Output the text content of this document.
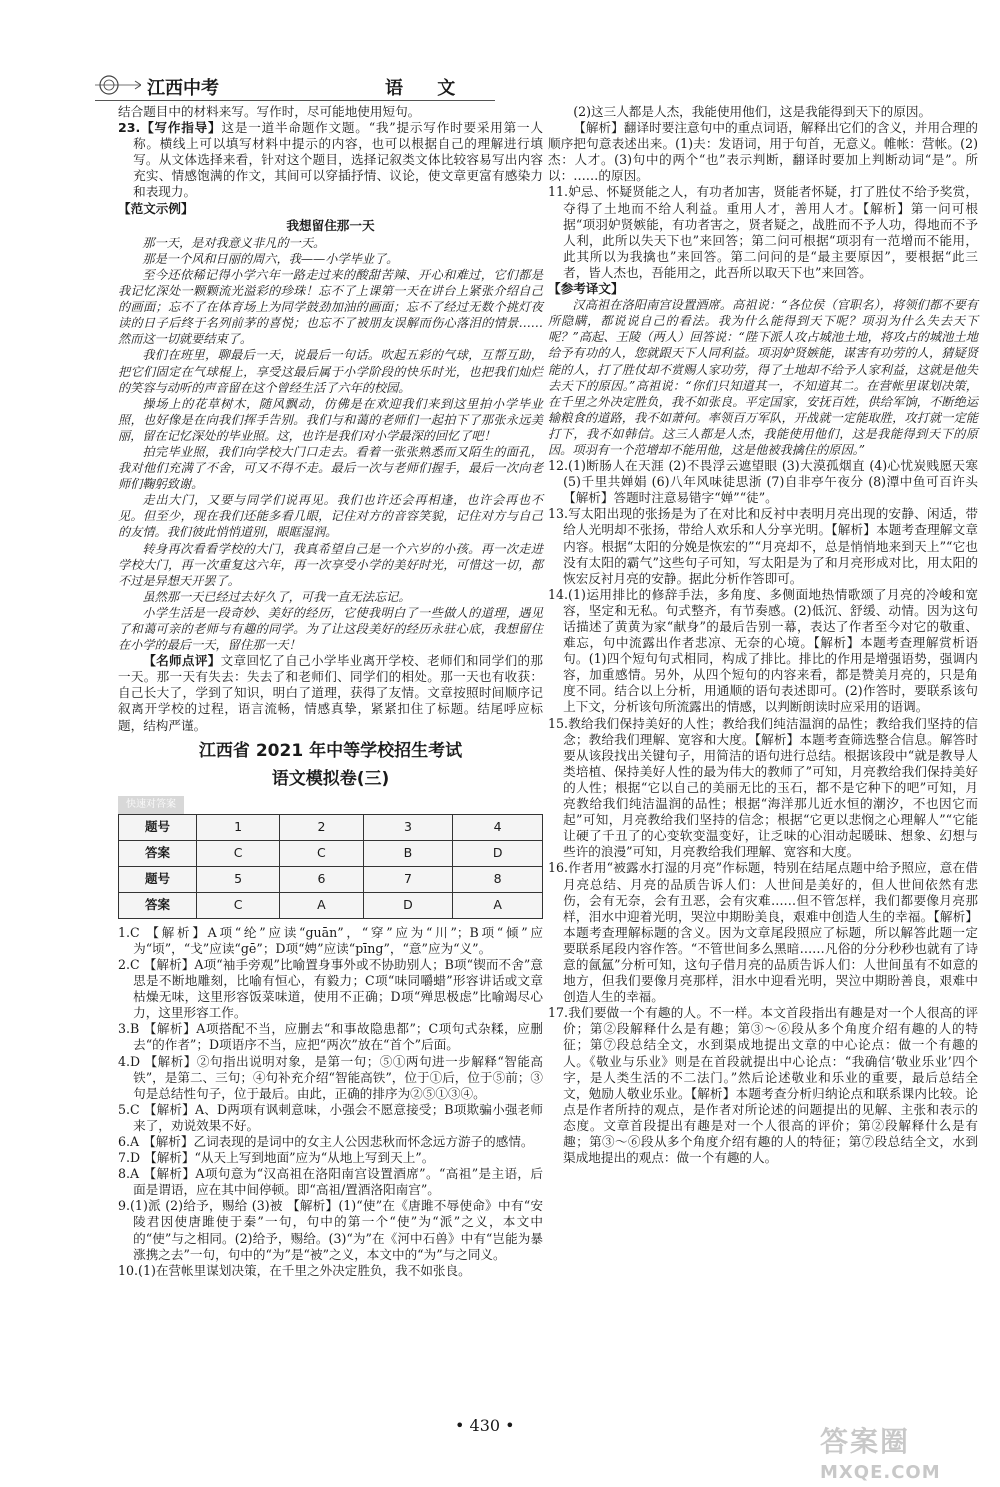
江西中考	语 文

结合题目中的材料来写。写作时，尽可能地使用短句。

23.【写作指导】这是一道半命题作文题。“我”提示写作时要采用第一人称。横线上可以填写材料中提示的内容，也可以根据自己的理解进行填写。从文体选择来看，针对这个题目，选择记叙类文体比较容易写出内容充实、情感饱满的作文，其间可以穿插抒情、议论，使文章更富有感染力和表现力。

【范文示例】

我想留住那一天

那一天，是对我意义非凡的一天。

那是一个风和日丽的周六，我——小学毕业了。

至今还依稀记得小学六年一路走过来的酸甜苦辣、开心和难过，它们都是我记忆深处一颗颗流光溢彩的珍珠！忘不了上课第一天在讲台上紧张介绍自己的画面；忘不了在体育场上为同学鼓劲加油的画面；忘不了经过无数个挑灯夜读的日子后终于名列前茅的喜悦；也忘不了被朋友误解而伤心落泪的情景……然而这一切就要结束了。

我们在班里，聊最后一天，说最后一句话。吹起五彩的气球，互帮互助，把它们固定在气球棍上，享受这最后属于小学阶段的快乐时光，也把我们灿烂的笑容与动听的声音留在这个曾经生活了六年的校园。

操场上的花草树木，随风飘动，仿佛是在欢迎我们来到这里拍小学毕业照，也好像是在向我们挥手告别。我们与和蔼的老师们一起拍下了那张永远美丽，留在记忆深处的毕业照。这，也许是我们对小学最深的回忆了吧！

拍完毕业照，我们向学校大门口走去。看着一张张熟悉而又陌生的面孔，我对他们充满了不舍，可又不得不走。最后一次与老师们握手，最后一次向老师们鞠躬致谢。

走出大门，又要与同学们说再见。我们也许还会再相逢，也许会再也不见。但至少，现在我们还能多看几眼，记住对方的音容笑貌，记住对方与自己的友情。我们彼此悄悄道别，眼眶湿润。

转身再次看看学校的大门，我真希望自己是一个六岁的小孩。再一次走进学校大门，再一次重复这六年，再一次享受小学的美好时光，可惜这一切，都不过是异想天开罢了。

虽然那一天已经过去好久了，可我一直无法忘记。

小学生活是一段奇妙、美好的经历，它使我明白了一些做人的道理，遇见了和蔼可亲的老师与有趣的同学。为了让这段美好的经历永驻心底，我想留住在小学的最后一天，留住那一天！

【名师点评】文章回忆了自己小学毕业离开学校、老师们和同学们的那一天。那一天有失去：失去了和老师们、同学们的相处。那一天也有收获：自己长大了，学到了知识，明白了道理，获得了友情。文章按照时间顺序记叙离开学校的过程，语言流畅，情感真挚，紧紧扣住了标题。结尾呼应标题，结构严谨。

江西省 2021 年中等学校招生考试
语文模拟卷(三)
快速对答案
题号	1	2	3	4
答案	C	C	B	D
题号	5	6	7	8
答案	C	A	D	A

1.C 【解析】A项“纶”应读“guān”，“穿”应为“川”；B项“倾”应为“顷”，“戈”应读“gē”；D项“娉”应读“pīng”，“意”应为“义”。

2.C 【解析】A项“袖手旁观”比喻置身事外或不协助别人；B项“锲而不舍”意思是不断地雕刻，比喻有恒心，有毅力；C项“味同嚼蜡”形容讲话或文章枯燥无味，这里形容饭菜味道，使用不正确；D项“殚思极虑”比喻竭尽心力，这里形容工作。

3.B 【解析】A项搭配不当，应删去“和事故隐患都”；C项句式杂糅，应删去“的作者”；D项语序不当，应把“两次”放在“首个”后面。

4.D 【解析】②句指出说明对象，是第一句；⑤①两句进一步解释“智能高铁”，是第二、三句；④句补充介绍“智能高铁”，位于①后，位于⑤前；③句是总结性句子，位于最后。由此，正确的排序为②⑤①③④。

5.C 【解析】A、D两项有讽刺意味，小强会不愿意接受；B项欺骗小强老师来了，劝说效果不好。

6.A 【解析】乙词表现的是词中的女主人公因悲秋而怀念远方游子的感情。

7.D 【解析】“从天上写到地面”应为“从地上写到天上”。

8.A 【解析】A项句意为“汉高祖在洛阳南宫设置酒席”。“高祖”是主语，后面是谓语，应在其中间停顿。即“高祖/置酒洛阳南宫”。

9.(1)派 (2)给予，赐给 (3)被 【解析】(1)“使”在《唐雎不辱使命》中有“安陵君因使唐雎使于秦”一句，句中的第一个“使”为“派”之义，本文中的“使”与之相同。(2)给予，赐给。(3)“为”在《河中石兽》中有“岂能为暴涨携之去”一句，句中的“为”是“被”之义，本文中的“为”与之同义。

10.(1)在营帐里谋划决策，在千里之外决定胜负，我不如张良。

(2)这三人都是人杰，我能使用他们，这是我能得到天下的原因。

【解析】翻译时要注意句中的重点词语，解释出它们的含义，并用合理的顺序把句意表述出来。(1)夫：发语词，用于句首，无意义。帷帐：营帐。(2)杰：人才。(3)句中的两个“也”表示判断，翻译时要加上判断动词“是”。所以：……的原因。

11.妒忌、怀疑贤能之人，有功者加害，贤能者怀疑，打了胜仗不给予奖赏，夺得了土地而不给人利益。重用人才，善用人才。【解析】第一问可根据“项羽妒贤嫉能，有功者害之，贤者疑之，战胜而不予人功，得地而不予人利，此所以失天下也”来回答；第二问可根据“项羽有一范增而不能用，此其所以为我擒也”来回答。第二问问的是“最主要原因”，要根据“此三者，皆人杰也，吾能用之，此吾所以取天下也”来回答。

【参考译文】

汉高祖在洛阳南宫设置酒席。高祖说：“各位侯（官职名），将领们都不要有所隐瞒，都说说自己的看法。我为什么能得到天下呢？项羽为什么失去天下呢？”高起、王陵（两人）回答说：“陛下派人攻占城池土地，将攻占的城池土地给予有功的人，您就跟天下人同利益。项羽妒贤嫉能，谋害有功劳的人，猜疑贤能的人，打了胜仗却不赏赐人家功劳，得了土地却不给予人家利益，这就是他失去天下的原因。”高祖说：“你们只知道其一，不知道其二。在营帐里谋划决策，在千里之外决定胜负，我不如张良。平定国家，安抚百姓，供给军饷，不断绝运输粮食的道路，我不如萧何。率领百万军队，开战就一定能取胜，攻打就一定能打下，我不如韩信。这三人都是人杰，我能使用他们，这是我能得到天下的原因。项羽有一个范增却不能用他，这是他被我擒住的原因。”

12.(1)断肠人在天涯 (2)不畏浮云遮望眼 (3)大漠孤烟直 (4)心忧炭贱愿天寒 (5)千里共婵娟 (6)八年风味徒思浙 (7)自非亭午夜分 (8)潭中鱼可百许头 【解析】答题时注意易错字“婵”“徒”。

13.写太阳出现的张扬是为了在对比和反衬中表明月亮出现的安静、闲适，带给人光明却不张扬，带给人欢乐和人分享光明。【解析】本题考查理解文章内容。根据“太阳的分娩是恢宏的”“月亮却不，总是悄悄地来到天上”“它也没有太阳的霸气”这些句子可知，写太阳是为了和月亮形成对比，用太阳的恢宏反衬月亮的安静。据此分析作答即可。

14.(1)运用排比的修辞手法，多角度、多侧面地热情歌颂了月亮的冷峻和宽容，坚定和无私。句式整齐，有节奏感。(2)低沉、舒缓、动情。因为这句话描述了黄黄为家“献身”的最后告别一幕，表达了作者至今对它的敬重、难忘，句中流露出作者悲凉、无奈的心境。【解析】本题考查理解赏析语句。(1)四个短句句式相同，构成了排比。排比的作用是增强语势，强调内容，加重感情。另外，从四个短句的内容来看，都是赞美月亮的，只是角度不同。结合以上分析，用通顺的语句表述即可。(2)作答时，要联系该句上下文，分析该句所流露出的情感，以判断朗读时应采用的语调。

15.教给我们保持美好的人性；教给我们纯洁温润的品性；教给我们坚持的信念；教给我们理解、宽容和大度。【解析】本题考查筛选整合信息。解答时要从该段找出关键句子，用简洁的语句进行总结。根据该段中“就是教导人类培植、保持美好人性的最为伟大的教师了”可知，月亮教给我们保持美好的人性；根据“它以自己的美丽无比的玉石，都不是它种下的吧”可知，月亮教给我们纯洁温润的品性；根据“海洋那儿近水恒的潮汐，不也因它而起”可知，月亮教给我们坚持的信念；根据“它更以悲悯之心理解人”“它能让硬了千丑了的心变软变温变好，让乏味的心泪动起暖昧、想象、幻想与些许的浪漫”可知，月亮教给我们理解、宽容和大度。

16.作者用“被露水打湿的月亮”作标题，特别在结尾点题中给予照应，意在借月亮总结、月亮的品质告诉人们：人世间是美好的，但人世间依然有悲伤，会有无奈，会有丑恶，会有灾难……但不管怎样，我们都要像月亮那样，泪水中迎着光明，哭泣中期盼美良，艰难中创造人生的幸福。【解析】本题考查理解标题的含义。因为文章尾段照应了标题，所以解答此题一定要联系尾段内容作答。“不管世间多么黑暗……凡俗的分分秒秒也就有了诗意的氤氲”分析可知，这句子借月亮的品质告诉人们：人世间虽有不如意的地方，但我们要像月亮那样，泪水中迎看光明，哭泣中期盼善良，艰难中创造人生的幸福。

17.我们要做一个有趣的人。不一样。本文首段指出有趣是对一个人很高的评价；第②段解释什么是有趣；第③～⑥段从多个角度介绍有趣的人的特征；第⑦段总结全文，水到渠成地提出文章的中心论点：做一个有趣的人。《敬业与乐业》则是在首段就提出中心论点：“我确信‘敬业乐业’四个字，是人类生活的不二法门。”然后论述敬业和乐业的重要，最后总结全文，勉励人敬业乐业。【解析】本题考查分析归纳论点和联系课内比较。论点是作者所持的观点，是作者对所论述的问题提出的见解、主张和表示的态度。文章首段提出有趣是对一个人很高的评价；第②段解释什么是有趣；第③～⑥段从多个角度介绍有趣的人的特征；第⑦段总结全文，水到渠成地提出的观点：做一个有趣的人。

• 430 •	答案圈
MXQE.COM
